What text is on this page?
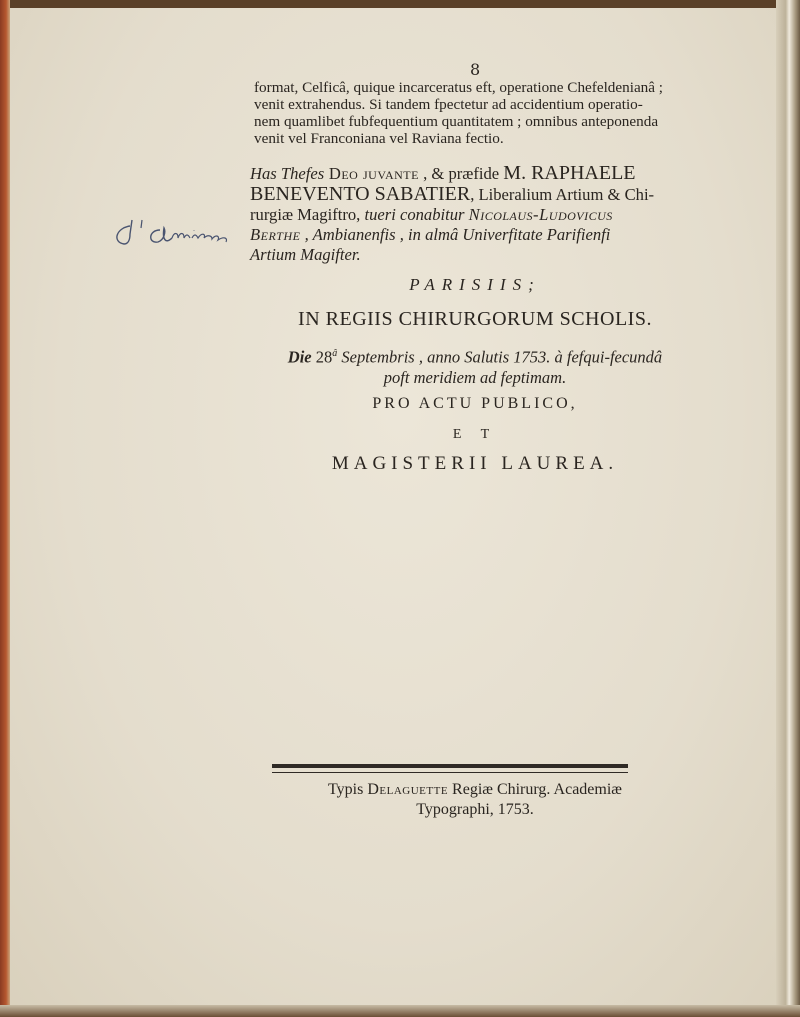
8
format, Celficâ, quique incarceratus eft, operatione Chefeldenianâ ;
venit extrahendus. Si tandem fpectetur ad accidentium operatio-
nem quamlibet fubfequentium quantitatem ; omnibus anteponenda
venit vel Franconiana vel Raviana fectio.
Has Thefes Deo juvante , & præfide M. RAPHAELE
BENEVENTO SABATIER, Liberalium Artium & Chi-
rurgiæ Magiftro, tueri conabitur Nicolaus-Ludovicus
Berthe , Ambianenfis , in almâ Univerfitate Parifienfi
Artium Magifter.
PARISIIS;
IN REGIIS CHIRURGORUM SCHOLIS.
Die $28^â$ Septembris , anno Salutis 1753. à fefqui-fecundâ
poft meridiem ad feptimam.
PRO ACTU PUBLICO,
E T
MAGISTERII LAUREA.
Typis Delaguette Regiæ Chirurg. Academiæ
Typographi, 1753.
